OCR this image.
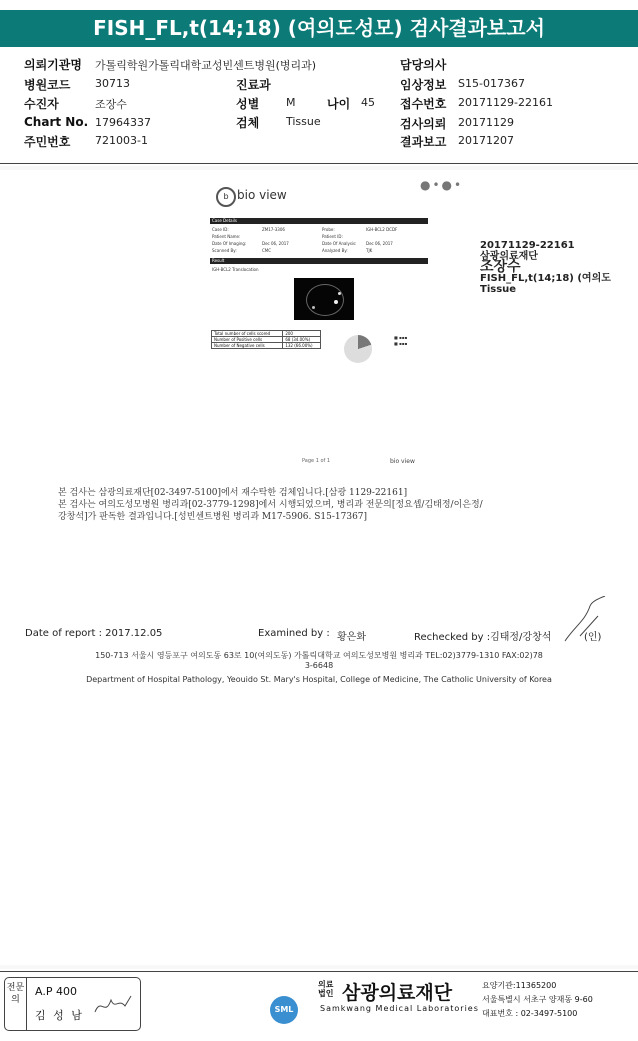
FISH_FL,t(14;18) (여의도성모) 검사결과보고서
의뢰기관명 가톨릭학원가톨릭대학교성빈센트병원(병리과)	담당의사
병원코드 30713	진료과	임상정보 S15-017367
수진자	조장수	성별 M	나이 45 접수번호 20171129-22161
Chart No. 17964337	검체 Tissue	검사의뢰 20171129
주민번호 721003-1	결과보고 20171207
b bio view
●•●•
Case Details
Case ID:	ZM17-3306	Probe:	IGH-BCL2 DCDF
Patient Name:	Patient ID:
Date Of Imaging:	Dec 06, 2017	Date Of Analysis: Dec 06, 2017
Scanned By:	CMC	Analyzed By:	TJK
Result
IGH-BCL2 Translocation
Total number of cells scored	200
Number of Positive cells	68 (34.00%)
Number of Negative cells	132 (66.00%)
■ ▪▪▪
■ ▪▪▪
Page 1 of 1	bio view
20171129-22161
삼광의료재단
조장수
FISH_FL,t(14;18) (여의도
Tissue
본 검사는 삼광의료재단[02-3497-5100]에서 재수탁한 검체입니다.[삼광 1129-22161]
본 검사는 여의도성모병원 병리과[02-3779-1298]에서 시행되었으며, 병리과 전문의[정요셉/김태정/이은정/
강창석]가 판독한 결과입니다.[성빈센트병원 병리과 M17-5906. S15-17367]
Date of report : 2017.12.05	Examined by : 황은화	Rechecked by :김태정/강창석	(인)
150-713 서울시 영등포구 여의도동 63로 10(여의도동) 가톨릭대학교 여의도성모병원 병리과 TEL:02)3779-1310 FAX:02)78
3-6648
Department of Hospital Pathology, Yeouido St. Mary's Hospital, College of Medicine, The Catholic University of Korea
전문의
A.P 400
김 성 남	SML
의료법인 삼광의료재단
Samkwang Medical Laboratories
요양기관:11365200
서울특별시 서초구 양재동 9-60
대표번호 : 02-3497-5100
